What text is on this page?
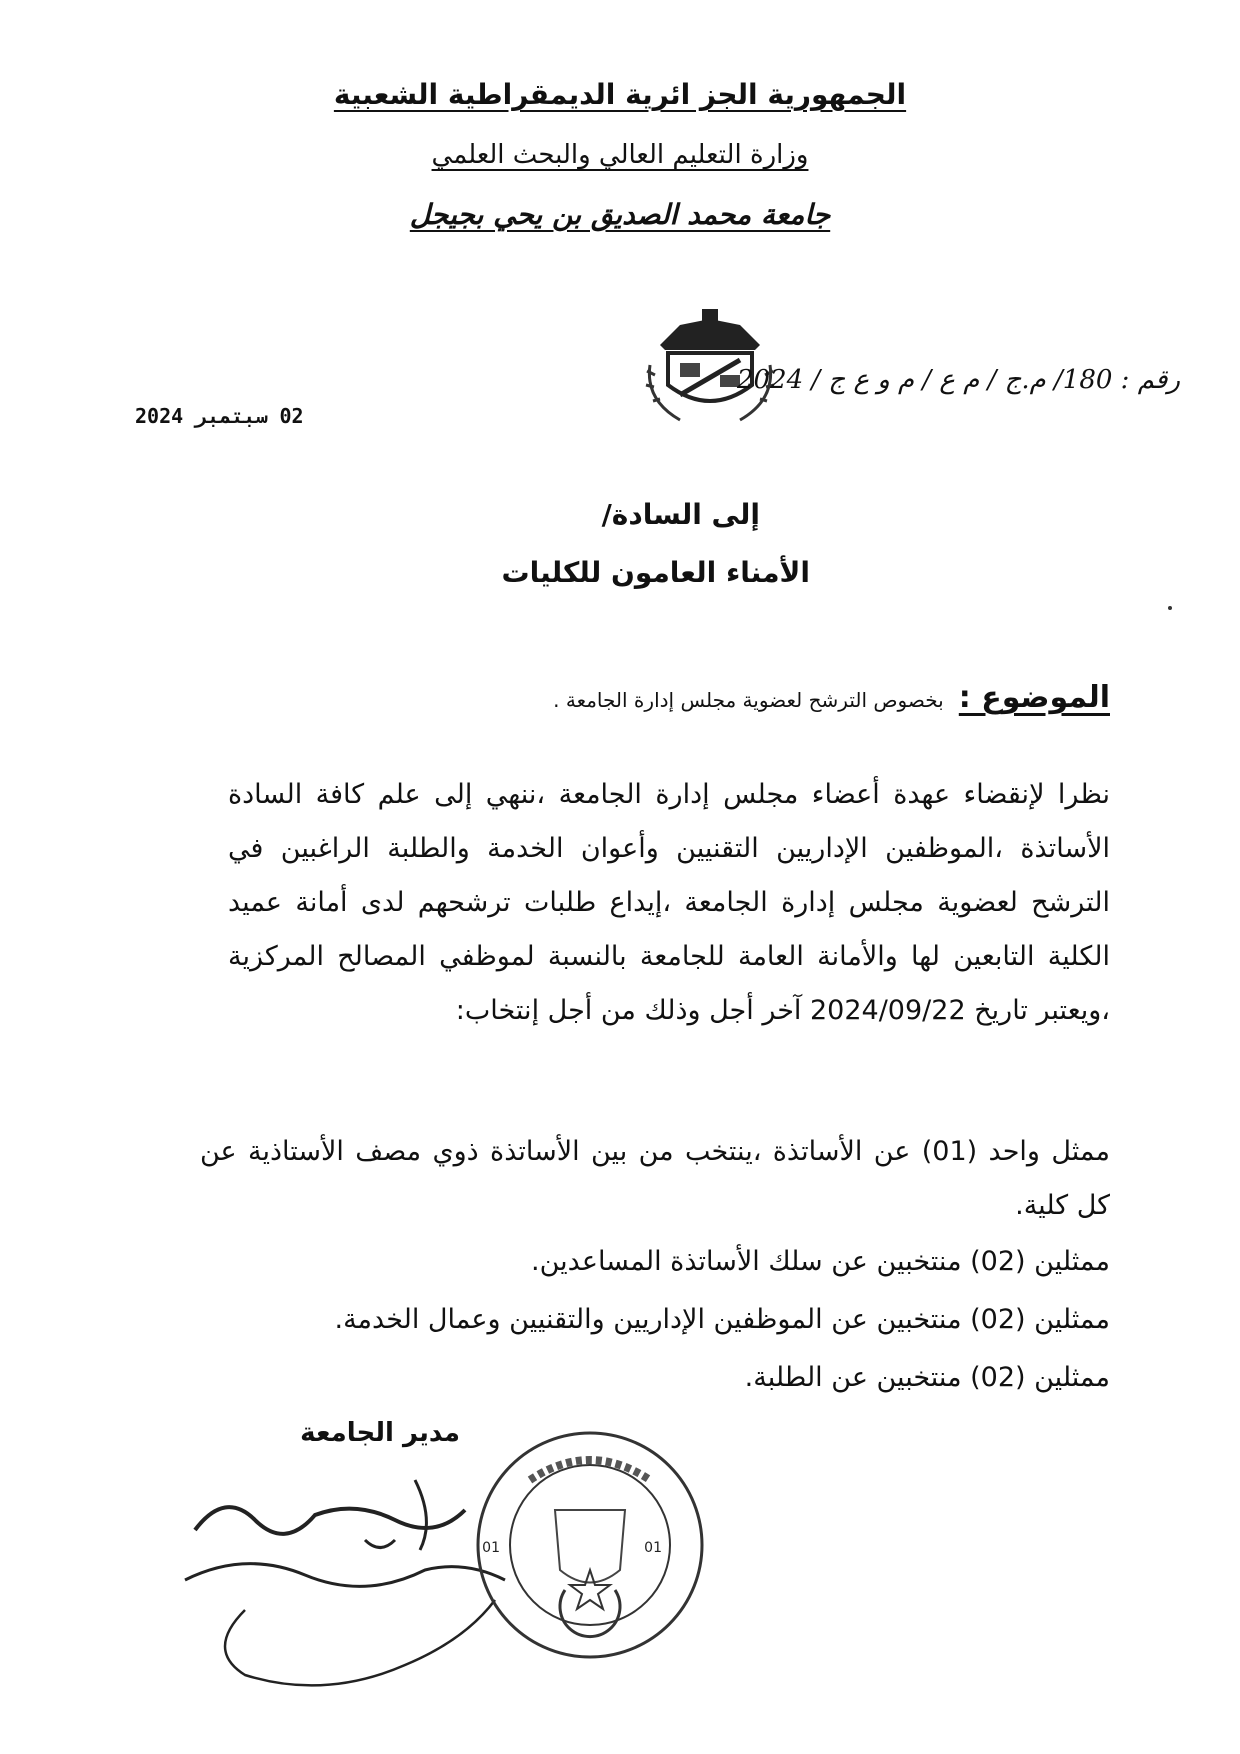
الجمهورية الجز ائرية الديمقراطية الشعبية
وزارة التعليم العالي والبحث العلمي
جامعة محمد الصديق بن يحي بجيجل
رقم : 180/ م.ج / م ع / م و ع ج / 2024
02 سبتمبر 2024
إلى السادة/
الأمناء العامون للكليات
الموضوع : بخصوص الترشح لعضوية مجلس إدارة الجامعة .

نظرا لإنقضاء عهدة أعضاء مجلس إدارة الجامعة ،ننهي إلى علم كافة السادة الأساتذة ،الموظفين الإداريين التقنيين وأعوان الخدمة والطلبة الراغبين في الترشح لعضوية مجلس إدارة الجامعة ،إيداع طلبات ترشحهم لدى أمانة عميد الكلية التابعين لها والأمانة العامة للجامعة بالنسبة لموظفي المصالح المركزية ،ويعتبر تاريخ 2024/09/22 آخر أجل وذلك من أجل إنتخاب:

ممثل واحد (01) عن الأساتذة ،ينتخب من بين الأساتذة ذوي مصف الأستاذية عن كل كلية.

ممثلين (02) منتخبين عن سلك الأساتذة المساعدين.

ممثلين (02) منتخبين عن الموظفين الإداريين والتقنيين وعمال الخدمة.

ممثلين (02) منتخبين عن الطلبة.

مدير الجامعة
01	01
